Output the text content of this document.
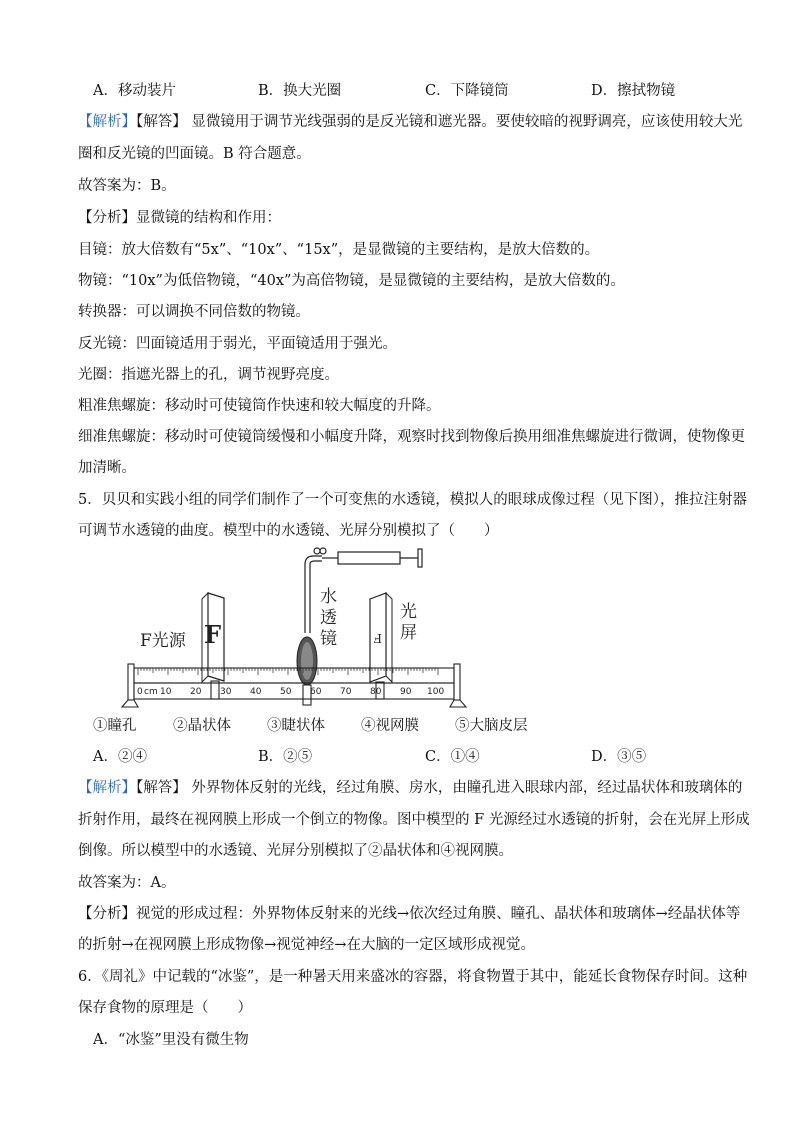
A．移动装片	B．换大光圈	C．下降镜筒	D．擦拭物镜
【解析】【解答】 显微镜用于调节光线强弱的是反光镜和遮光器。要使较暗的视野调亮，应该使用较大光
圈和反光镜的凹面镜。B 符合题意。
故答案为：B。
【分析】显微镜的结构和作用：
目镜：放大倍数有“5x”、“10x”、“15x”，是显微镜的主要结构，是放大倍数的。
物镜：“10x”为低倍物镜，“40x”为高倍物镜，是显微镜的主要结构，是放大倍数的。
转换器：可以调换不同倍数的物镜。
反光镜：凹面镜适用于弱光，平面镜适用于强光。
光圈：指遮光器上的孔，调节视野亮度。
粗准焦螺旋：移动时可使镜筒作快速和较大幅度的升降。
细准焦螺旋：移动时可使镜筒缓慢和小幅度升降，观察时找到物像后换用细准焦螺旋进行微调，使物像更
加清晰。
5．贝贝和实践小组的同学们制作了一个可变焦的水透镜，模拟人的眼球成像过程（见下图），推拉注射器
可调节水透镜的曲度。模型中的水透镜、光屏分别模拟了（　　）
F
F光源	F
水
透
镜
光
屏
0 cm 10 20 30 40 50 60 70 80 90 100
①瞳孔	②晶状体 ③睫状体 ④视网膜 ⑤大脑皮层
A．②④	B．②⑤	C．①④	D．③⑤
【解析】【解答】 外界物体反射的光线，经过角膜、房水，由瞳孔进入眼球内部，经过晶状体和玻璃体的
折射作用，最终在视网膜上形成一个倒立的物像。图中模型的 F 光源经过水透镜的折射，会在光屏上形成
倒像。所以模型中的水透镜、光屏分别模拟了②晶状体和④视网膜。
故答案为：A。
【分析】视觉的形成过程：外界物体反射来的光线→依次经过角膜、瞳孔、晶状体和玻璃体→经晶状体等
的折射→在视网膜上形成物像→视觉神经→在大脑的一定区域形成视觉。
6．《周礼》中记载的“冰鉴”，是一种暑天用来盛冰的容器，将食物置于其中，能延长食物保存时间。这种
保存食物的原理是（　　）
A．“冰鉴”里没有微生物
